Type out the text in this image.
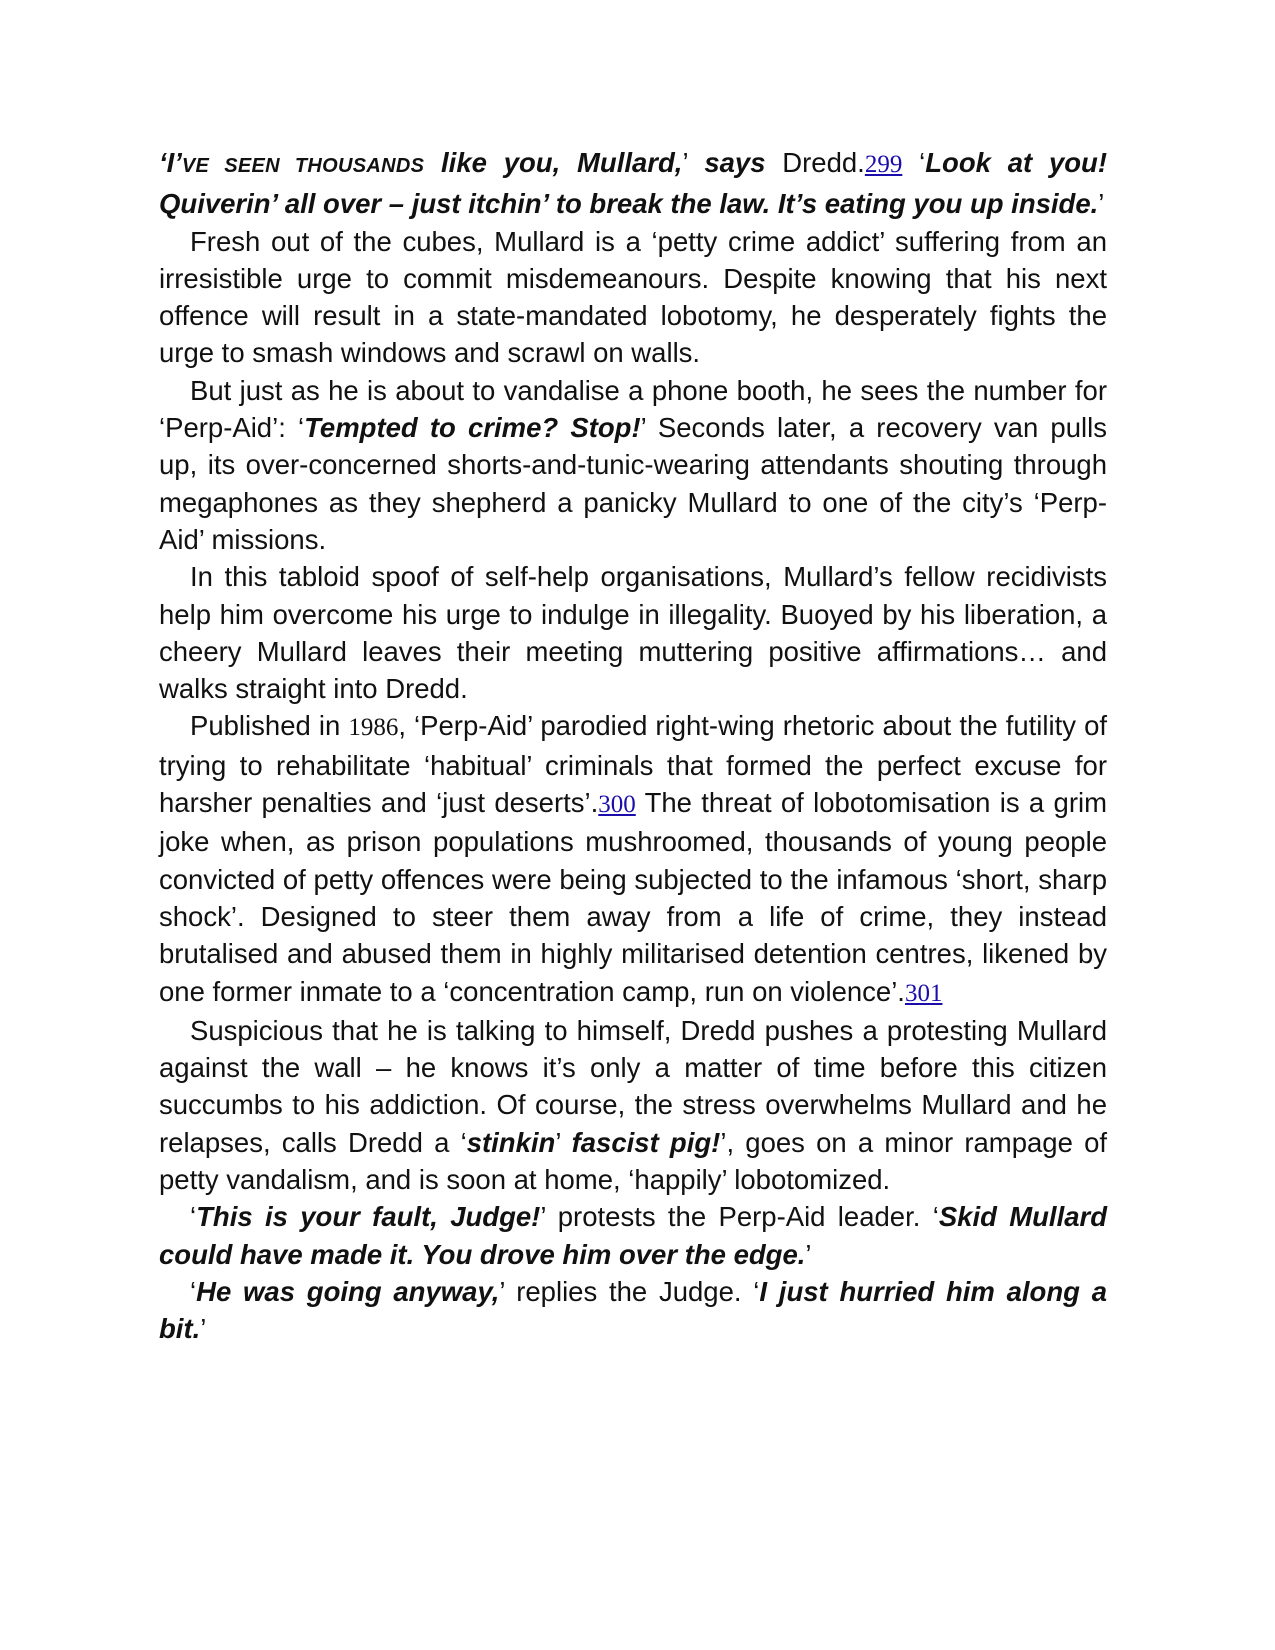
‘I’VE SEEN THOUSANDS like you, Mullard,’ says Dredd.299 ‘Look at you! Quiverin’ all over – just itchin’ to break the law. It’s eating you up inside.’

Fresh out of the cubes, Mullard is a ‘petty crime addict’ suffering from an irresistible urge to commit misdemeanours. Despite knowing that his next offence will result in a state-mandated lobotomy, he desperately fights the urge to smash windows and scrawl on walls.

But just as he is about to vandalise a phone booth, he sees the number for ‘Perp-Aid’: ‘Tempted to crime? Stop!’ Seconds later, a recovery van pulls up, its over-concerned shorts-and-tunic-wearing attendants shouting through megaphones as they shepherd a panicky Mullard to one of the city’s ‘Perp-Aid’ missions.

In this tabloid spoof of self-help organisations, Mullard’s fellow recidivists help him overcome his urge to indulge in illegality. Buoyed by his liberation, a cheery Mullard leaves their meeting muttering positive affirmations… and walks straight into Dredd.

Published in 1986, ‘Perp-Aid’ parodied right-wing rhetoric about the futility of trying to rehabilitate ‘habitual’ criminals that formed the perfect excuse for harsher penalties and ‘just deserts’.300 The threat of lobotomisation is a grim joke when, as prison populations mushroomed, thousands of young people convicted of petty offences were being subjected to the infamous ‘short, sharp shock’. Designed to steer them away from a life of crime, they instead brutalised and abused them in highly militarised detention centres, likened by one former inmate to a ‘concentration camp, run on violence’.301

Suspicious that he is talking to himself, Dredd pushes a protesting Mullard against the wall – he knows it’s only a matter of time before this citizen succumbs to his addiction. Of course, the stress overwhelms Mullard and he relapses, calls Dredd a ‘stinkin’ fascist pig!’, goes on a minor rampage of petty vandalism, and is soon at home, ‘happily’ lobotomized.

‘This is your fault, Judge!’ protests the Perp-Aid leader. ‘Skid Mullard could have made it. You drove him over the edge.’

‘He was going anyway,’ replies the Judge. ‘I just hurried him along a bit.’
